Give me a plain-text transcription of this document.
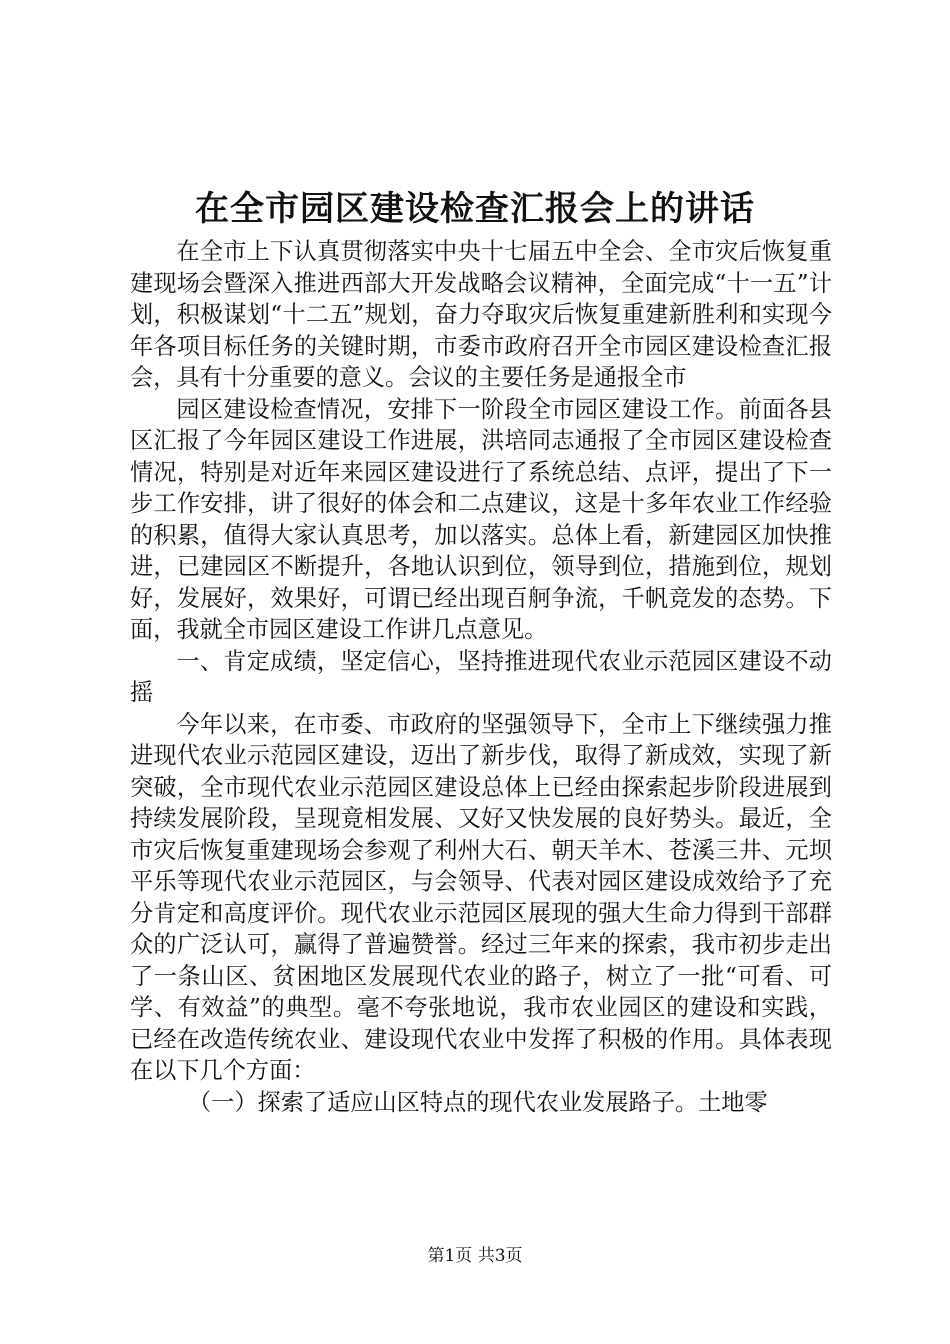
在全市园区建设检查汇报会上的讲话

在全市上下认真贯彻落实中央十七届五中全会、全市灾后恢复重建现场会暨深入推进西部大开发战略会议精神，全面完成“十一五”计划，积极谋划“十二五”规划，奋力夺取灾后恢复重建新胜利和实现今年各项目标任务的关键时期，市委市政府召开全市园区建设检查汇报会，具有十分重要的意义。会议的主要任务是通报全市

园区建设检查情况，安排下一阶段全市园区建设工作。前面各县区汇报了今年园区建设工作进展，洪培同志通报了全市园区建设检查情况，特别是对近年来园区建设进行了系统总结、点评，提出了下一步工作安排，讲了很好的体会和二点建议，这是十多年农业工作经验的积累，值得大家认真思考，加以落实。总体上看，新建园区加快推进，已建园区不断提升，各地认识到位，领导到位，措施到位，规划好，发展好，效果好，可谓已经出现百舸争流，千帆竞发的态势。下面，我就全市园区建设工作讲几点意见。

一、肯定成绩，坚定信心，坚持推进现代农业示范园区建设不动摇

今年以来，在市委、市政府的坚强领导下，全市上下继续强力推进现代农业示范园区建设，迈出了新步伐，取得了新成效，实现了新突破，全市现代农业示范园区建设总体上已经由探索起步阶段进展到持续发展阶段，呈现竟相发展、又好又快发展的良好势头。最近，全市灾后恢复重建现场会参观了利州大石、朝天羊木、苍溪三井、元坝平乐等现代农业示范园区，与会领导、代表对园区建设成效给予了充分肯定和高度评价。现代农业示范园区展现的强大生命力得到干部群众的广泛认可，赢得了普遍赞誉。经过三年来的探索，我市初步走出了一条山区、贫困地区发展现代农业的路子，树立了一批“可看、可学、有效益”的典型。毫不夸张地说，我市农业园区的建设和实践，已经在改造传统农业、建设现代农业中发挥了积极的作用。具体表现在以下几个方面：

（一）探索了适应山区特点的现代农业发展路子。土地零

第1页 共3页
